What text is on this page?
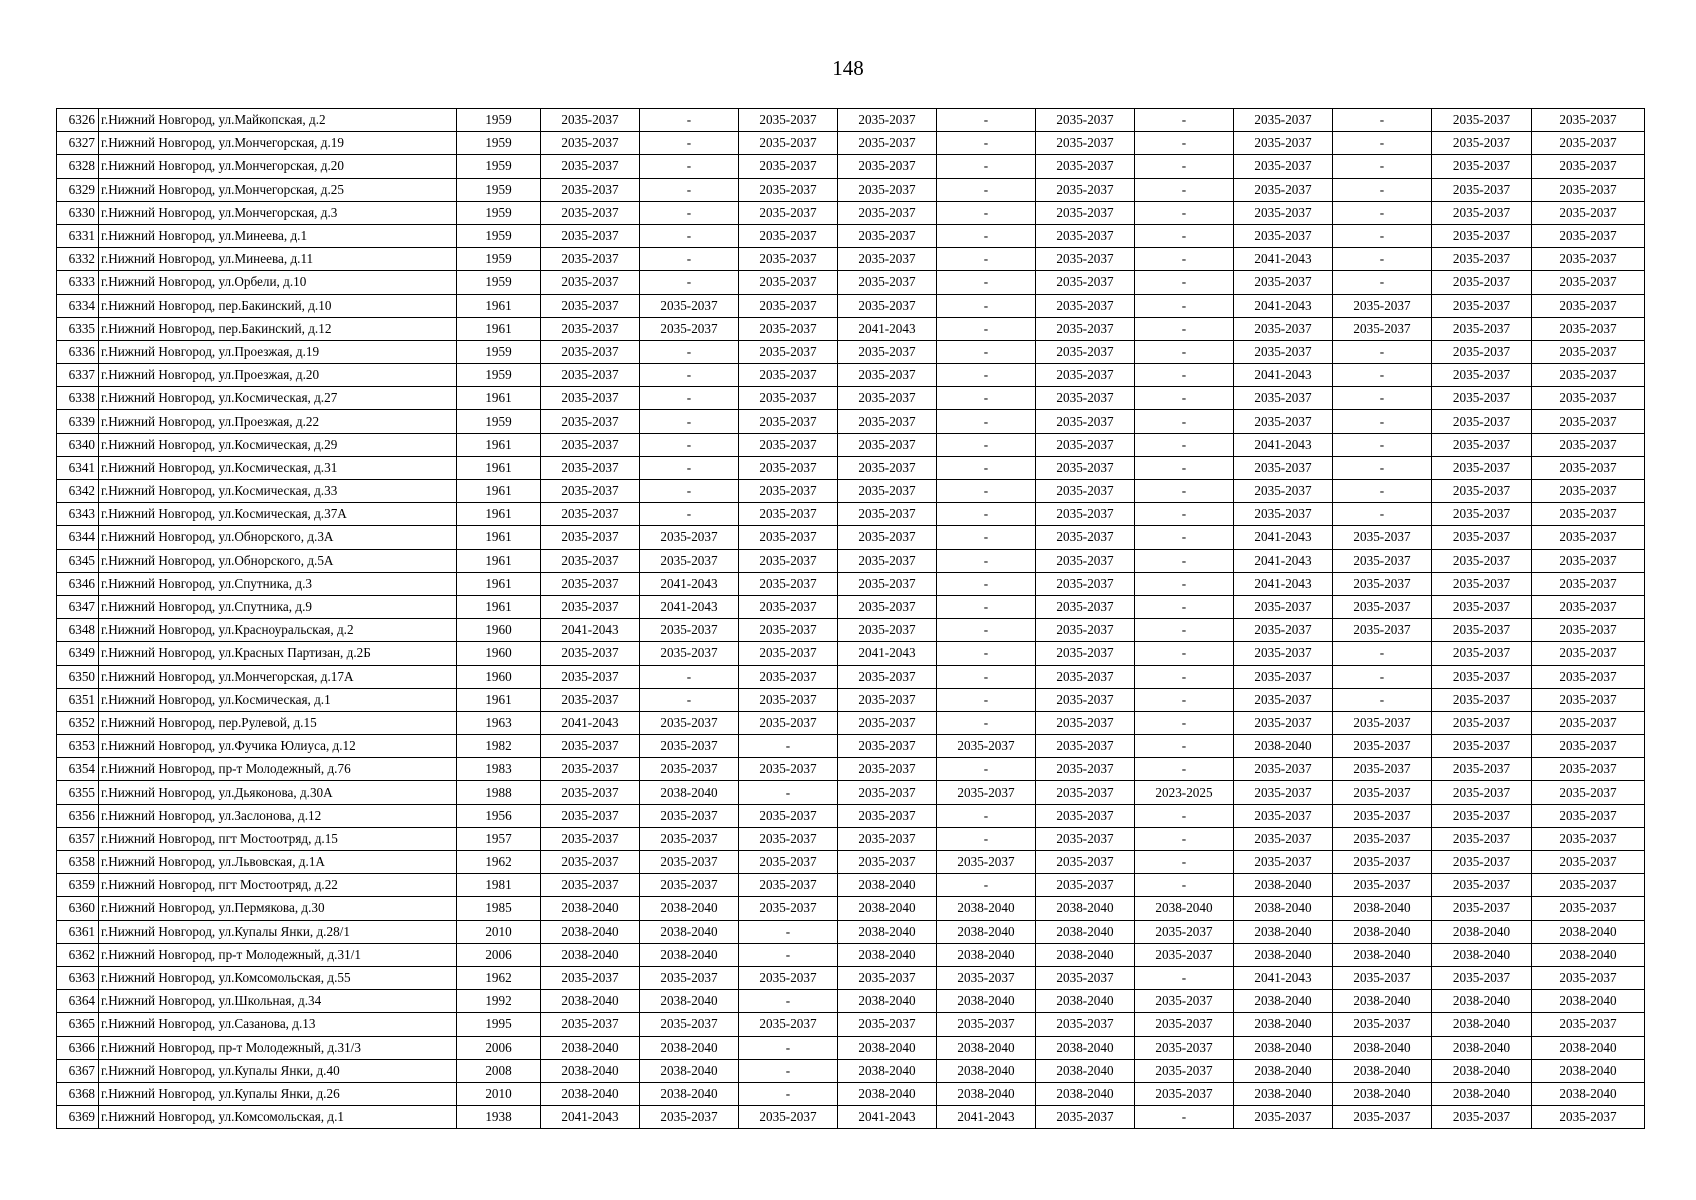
148
6326	г.Нижний Новгород, ул.Майкопская, д.2	1959	2035-2037	-	2035-2037	2035-2037	-	2035-2037	-	2035-2037	-	2035-2037	2035-2037
6327	г.Нижний Новгород, ул.Мончегорская, д.19	1959	2035-2037	-	2035-2037	2035-2037	-	2035-2037	-	2035-2037	-	2035-2037	2035-2037
6328	г.Нижний Новгород, ул.Мончегорская, д.20	1959	2035-2037	-	2035-2037	2035-2037	-	2035-2037	-	2035-2037	-	2035-2037	2035-2037
6329	г.Нижний Новгород, ул.Мончегорская, д.25	1959	2035-2037	-	2035-2037	2035-2037	-	2035-2037	-	2035-2037	-	2035-2037	2035-2037
6330	г.Нижний Новгород, ул.Мончегорская, д.3	1959	2035-2037	-	2035-2037	2035-2037	-	2035-2037	-	2035-2037	-	2035-2037	2035-2037
6331	г.Нижний Новгород, ул.Минеева, д.1	1959	2035-2037	-	2035-2037	2035-2037	-	2035-2037	-	2035-2037	-	2035-2037	2035-2037
6332	г.Нижний Новгород, ул.Минеева, д.11	1959	2035-2037	-	2035-2037	2035-2037	-	2035-2037	-	2041-2043	-	2035-2037	2035-2037
6333	г.Нижний Новгород, ул.Орбели, д.10	1959	2035-2037	-	2035-2037	2035-2037	-	2035-2037	-	2035-2037	-	2035-2037	2035-2037
6334	г.Нижний Новгород, пер.Бакинский, д.10	1961	2035-2037	2035-2037	2035-2037	2035-2037	-	2035-2037	-	2041-2043	2035-2037	2035-2037	2035-2037
6335	г.Нижний Новгород, пер.Бакинский, д.12	1961	2035-2037	2035-2037	2035-2037	2041-2043	-	2035-2037	-	2035-2037	2035-2037	2035-2037	2035-2037
6336	г.Нижний Новгород, ул.Проезжая, д.19	1959	2035-2037	-	2035-2037	2035-2037	-	2035-2037	-	2035-2037	-	2035-2037	2035-2037
6337	г.Нижний Новгород, ул.Проезжая, д.20	1959	2035-2037	-	2035-2037	2035-2037	-	2035-2037	-	2041-2043	-	2035-2037	2035-2037
6338	г.Нижний Новгород, ул.Космическая, д.27	1961	2035-2037	-	2035-2037	2035-2037	-	2035-2037	-	2035-2037	-	2035-2037	2035-2037
6339	г.Нижний Новгород, ул.Проезжая, д.22	1959	2035-2037	-	2035-2037	2035-2037	-	2035-2037	-	2035-2037	-	2035-2037	2035-2037
6340	г.Нижний Новгород, ул.Космическая, д.29	1961	2035-2037	-	2035-2037	2035-2037	-	2035-2037	-	2041-2043	-	2035-2037	2035-2037
6341	г.Нижний Новгород, ул.Космическая, д.31	1961	2035-2037	-	2035-2037	2035-2037	-	2035-2037	-	2035-2037	-	2035-2037	2035-2037
6342	г.Нижний Новгород, ул.Космическая, д.33	1961	2035-2037	-	2035-2037	2035-2037	-	2035-2037	-	2035-2037	-	2035-2037	2035-2037
6343	г.Нижний Новгород, ул.Космическая, д.37А	1961	2035-2037	-	2035-2037	2035-2037	-	2035-2037	-	2035-2037	-	2035-2037	2035-2037
6344	г.Нижний Новгород, ул.Обнорского, д.3А	1961	2035-2037	2035-2037	2035-2037	2035-2037	-	2035-2037	-	2041-2043	2035-2037	2035-2037	2035-2037
6345	г.Нижний Новгород, ул.Обнорского, д.5А	1961	2035-2037	2035-2037	2035-2037	2035-2037	-	2035-2037	-	2041-2043	2035-2037	2035-2037	2035-2037
6346	г.Нижний Новгород, ул.Спутника, д.3	1961	2035-2037	2041-2043	2035-2037	2035-2037	-	2035-2037	-	2041-2043	2035-2037	2035-2037	2035-2037
6347	г.Нижний Новгород, ул.Спутника, д.9	1961	2035-2037	2041-2043	2035-2037	2035-2037	-	2035-2037	-	2035-2037	2035-2037	2035-2037	2035-2037
6348	г.Нижний Новгород, ул.Красноуральская, д.2	1960	2041-2043	2035-2037	2035-2037	2035-2037	-	2035-2037	-	2035-2037	2035-2037	2035-2037	2035-2037
6349	г.Нижний Новгород, ул.Красных Партизан, д.2Б	1960	2035-2037	2035-2037	2035-2037	2041-2043	-	2035-2037	-	2035-2037	-	2035-2037	2035-2037
6350	г.Нижний Новгород, ул.Мончегорская, д.17А	1960	2035-2037	-	2035-2037	2035-2037	-	2035-2037	-	2035-2037	-	2035-2037	2035-2037
6351	г.Нижний Новгород, ул.Космическая, д.1	1961	2035-2037	-	2035-2037	2035-2037	-	2035-2037	-	2035-2037	-	2035-2037	2035-2037
6352	г.Нижний Новгород, пер.Рулевой, д.15	1963	2041-2043	2035-2037	2035-2037	2035-2037	-	2035-2037	-	2035-2037	2035-2037	2035-2037	2035-2037
6353	г.Нижний Новгород, ул.Фучика Юлиуса, д.12	1982	2035-2037	2035-2037	-	2035-2037	2035-2037	2035-2037	-	2038-2040	2035-2037	2035-2037	2035-2037
6354	г.Нижний Новгород, пр-т Молодежный, д.76	1983	2035-2037	2035-2037	2035-2037	2035-2037	-	2035-2037	-	2035-2037	2035-2037	2035-2037	2035-2037
6355	г.Нижний Новгород, ул.Дьяконова, д.30А	1988	2035-2037	2038-2040	-	2035-2037	2035-2037	2035-2037	2023-2025	2035-2037	2035-2037	2035-2037	2035-2037
6356	г.Нижний Новгород, ул.Заслонова, д.12	1956	2035-2037	2035-2037	2035-2037	2035-2037	-	2035-2037	-	2035-2037	2035-2037	2035-2037	2035-2037
6357	г.Нижний Новгород, пгт Мостоотряд, д.15	1957	2035-2037	2035-2037	2035-2037	2035-2037	-	2035-2037	-	2035-2037	2035-2037	2035-2037	2035-2037
6358	г.Нижний Новгород, ул.Львовская, д.1А	1962	2035-2037	2035-2037	2035-2037	2035-2037	2035-2037	2035-2037	-	2035-2037	2035-2037	2035-2037	2035-2037
6359	г.Нижний Новгород, пгт Мостоотряд, д.22	1981	2035-2037	2035-2037	2035-2037	2038-2040	-	2035-2037	-	2038-2040	2035-2037	2035-2037	2035-2037
6360	г.Нижний Новгород, ул.Пермякова, д.30	1985	2038-2040	2038-2040	2035-2037	2038-2040	2038-2040	2038-2040	2038-2040	2038-2040	2038-2040	2035-2037	2035-2037
6361	г.Нижний Новгород, ул.Купалы Янки, д.28/1	2010	2038-2040	2038-2040	-	2038-2040	2038-2040	2038-2040	2035-2037	2038-2040	2038-2040	2038-2040	2038-2040
6362	г.Нижний Новгород, пр-т Молодежный, д.31/1	2006	2038-2040	2038-2040	-	2038-2040	2038-2040	2038-2040	2035-2037	2038-2040	2038-2040	2038-2040	2038-2040
6363	г.Нижний Новгород, ул.Комсомольская, д.55	1962	2035-2037	2035-2037	2035-2037	2035-2037	2035-2037	2035-2037	-	2041-2043	2035-2037	2035-2037	2035-2037
6364	г.Нижний Новгород, ул.Школьная, д.34	1992	2038-2040	2038-2040	-	2038-2040	2038-2040	2038-2040	2035-2037	2038-2040	2038-2040	2038-2040	2038-2040
6365	г.Нижний Новгород, ул.Сазанова, д.13	1995	2035-2037	2035-2037	2035-2037	2035-2037	2035-2037	2035-2037	2035-2037	2038-2040	2035-2037	2038-2040	2035-2037
6366	г.Нижний Новгород, пр-т Молодежный, д.31/3	2006	2038-2040	2038-2040	-	2038-2040	2038-2040	2038-2040	2035-2037	2038-2040	2038-2040	2038-2040	2038-2040
6367	г.Нижний Новгород, ул.Купалы Янки, д.40	2008	2038-2040	2038-2040	-	2038-2040	2038-2040	2038-2040	2035-2037	2038-2040	2038-2040	2038-2040	2038-2040
6368	г.Нижний Новгород, ул.Купалы Янки, д.26	2010	2038-2040	2038-2040	-	2038-2040	2038-2040	2038-2040	2035-2037	2038-2040	2038-2040	2038-2040	2038-2040
6369	г.Нижний Новгород, ул.Комсомольская, д.1	1938	2041-2043	2035-2037	2035-2037	2041-2043	2041-2043	2035-2037	-	2035-2037	2035-2037	2035-2037	2035-2037
